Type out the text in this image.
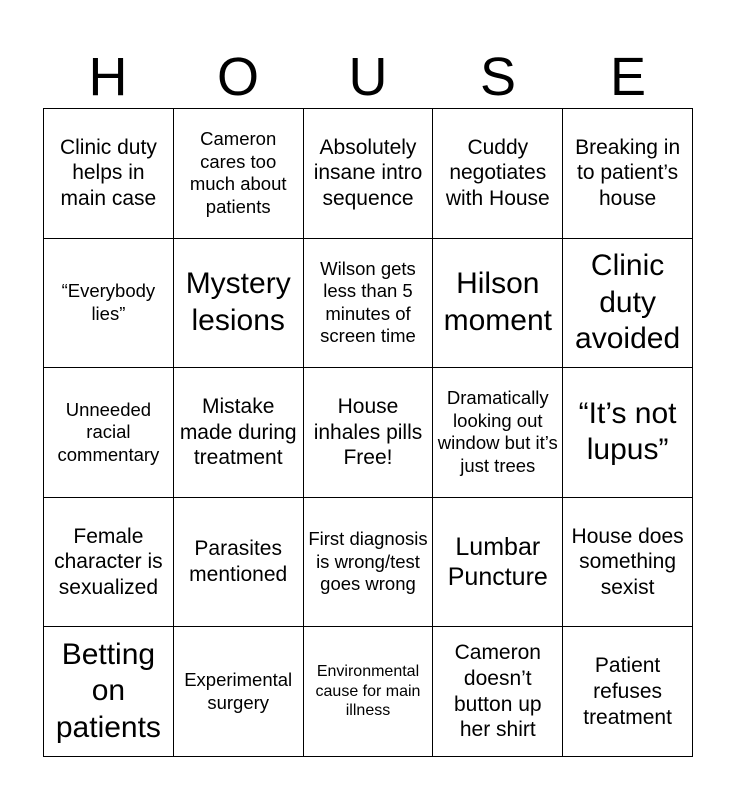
H	O	U	S	E
Clinic duty helps in main case
Cameron cares too much about patients
Absolutely insane intro sequence
Cuddy negotiates with House
Breaking in to patient’s house
“Everybody lies”
Mystery lesions
Wilson gets less than 5 minutes of screen time
Hilson moment
Clinic duty avoided
Unneeded racial commentary
Mistake made during treatment
House inhales pills Free!
Dramatically looking out window but it’s just trees
“It’s not lupus”
Female character is sexualized
Parasites mentioned
First diagnosis is wrong/test goes wrong
Lumbar Puncture
House does something sexist
Betting on patients
Experimental surgery
Environmental cause for main illness
Cameron doesn’t button up her shirt
Patient refuses treatment
